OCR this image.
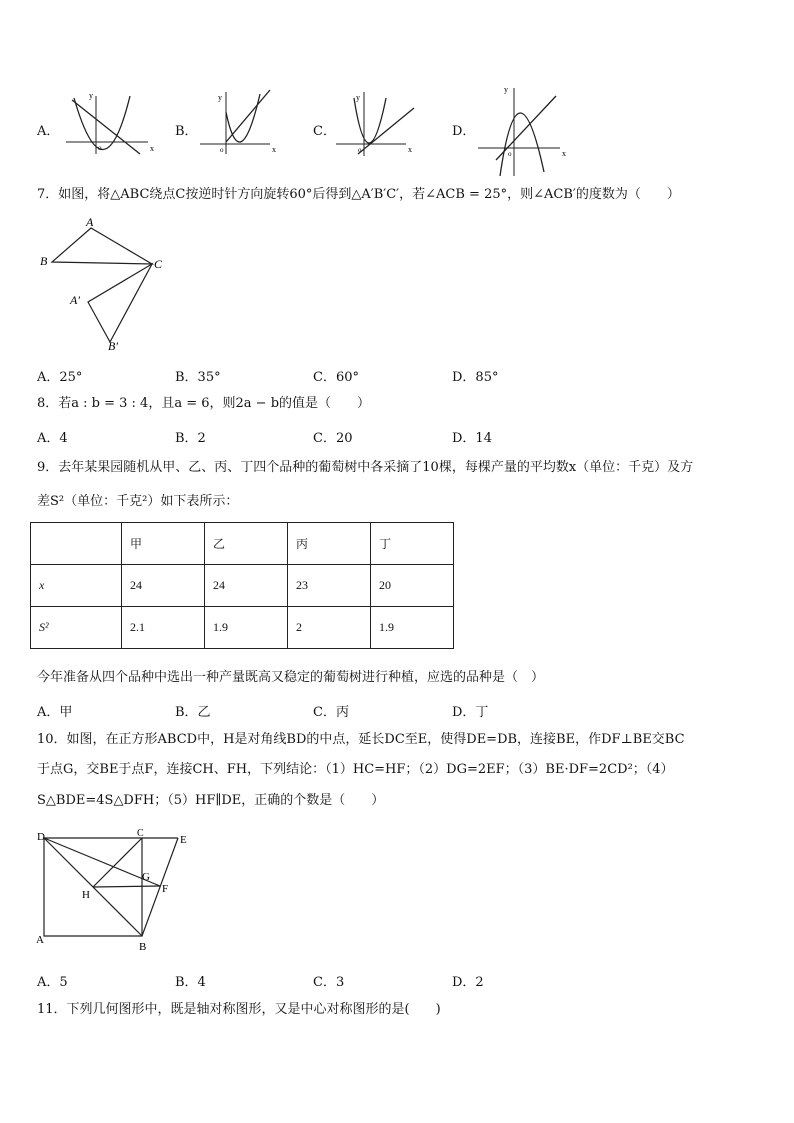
A．
x
y
o
B．
x
y
o
C．
x
y
o
D．
x
y
o
7．如图，将△ABC绕点C按逆时针方向旋转60°后得到△A′B′C′，若∠ACB = 25°，则∠ACB′的度数为（　　）
A
B	C
A′
B′
A．25°	B．35°	C．60°	D．85°
8．若a : b = 3 : 4，且a = 6，则2a − b的值是（　　）
A．4	B．2	C．20	D．14
9．去年某果园随机从甲、乙、丙、丁四个品种的葡萄树中各采摘了10棵，每棵产量的平均数x（单位：千克）及方
差S²（单位：千克²）如下表所示：
	甲	乙	丙	丁
x	24	24	23	20
S²	2.1	1.9	2	1.9
今年准备从四个品种中选出一种产量既高又稳定的葡萄树进行种植，应选的品种是（　）
A．甲	B．乙	C．丙	D．丁
10．如图，在正方形ABCD中，H是对角线BD的中点，延长DC至E，使得DE=DB，连接BE，作DF⊥BE交BC
于点G，交BE于点F，连接CH、FH，下列结论：（1）HC=HF；（2）DG=2EF；（3）BE·DF=2CD²；（4）
S△BDE=4S△DFH；（5）HF∥DE，正确的个数是（　　）
D	C
E
G
H	F
A
B
A．5	B．4	C．3	D．2
11．下列几何图形中，既是轴对称图形，又是中心对称图形的是(　　)
